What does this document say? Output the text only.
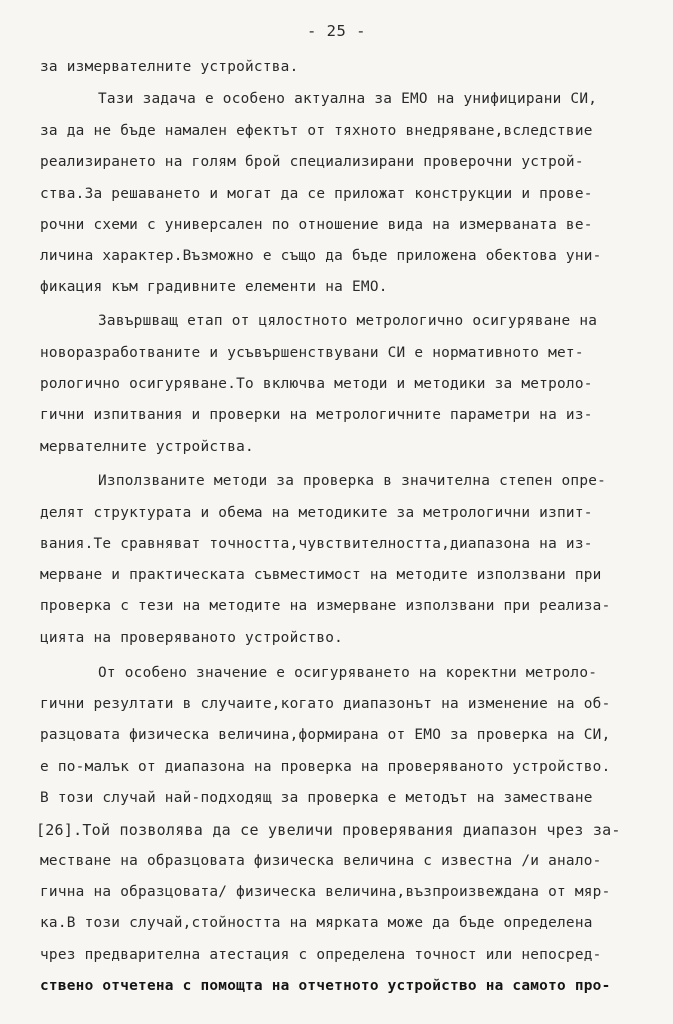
- 25 -
за измервателните устройства.
Тази задача е особено актуална за ЕМО на унифицирани СИ,
за да не бъде намален ефектът от тяхното внедряване,вследствие
реализирането на голям брой специализирани проверочни устрой-
ства.За решаването и могат да се приложат конструкции и прове-
рочни схеми с универсален по отношение вида на измерваната ве-
личина характер.Възможно е също да бъде приложена обектова уни-
фикация към градивните елементи на ЕМО.
Завършващ етап от цялостното метрологично осигуряване на
новоразработваните и усъвършенствувани СИ е нормативното мет-
рологично осигуряване.То включва методи и методики за метроло-
гични изпитвания и проверки на метрологичните параметри на из-
мервателните устройства.
Използваните методи за проверка в значителна степен опре-
делят структурата и обема на методиките за метрологични изпит-
вания.Те сравняват точността,чувствителността,диапазона на из-
мерване и практическата съвместимост на методите използвани при
проверка с тези на методите на измерване използвани при реализа-
цията на проверяваното устройство.
От особено значение е осигуряването на коректни метроло-
гични резултати в случаите,когато диапазонът на изменение на об-
разцовата физическа величина,формирана от ЕМО за проверка на СИ,
е по-малък от диапазона на проверка на проверяваното устройство.
В този случай най-подходящ за проверка е методът на заместване
[26].Той позволява да се увеличи проверявания диапазон чрез за-
местване на образцовата физическа величина с известна /и анало-
гична на образцовата/ физическа величина,възпроизвеждана от мяр-
ка.В този случай,стойността на мярката може да бъде определена
чрез предварителна атестация с определена точност или непосред-
ствено отчетена с помощта на отчетното устройство на самото про-
